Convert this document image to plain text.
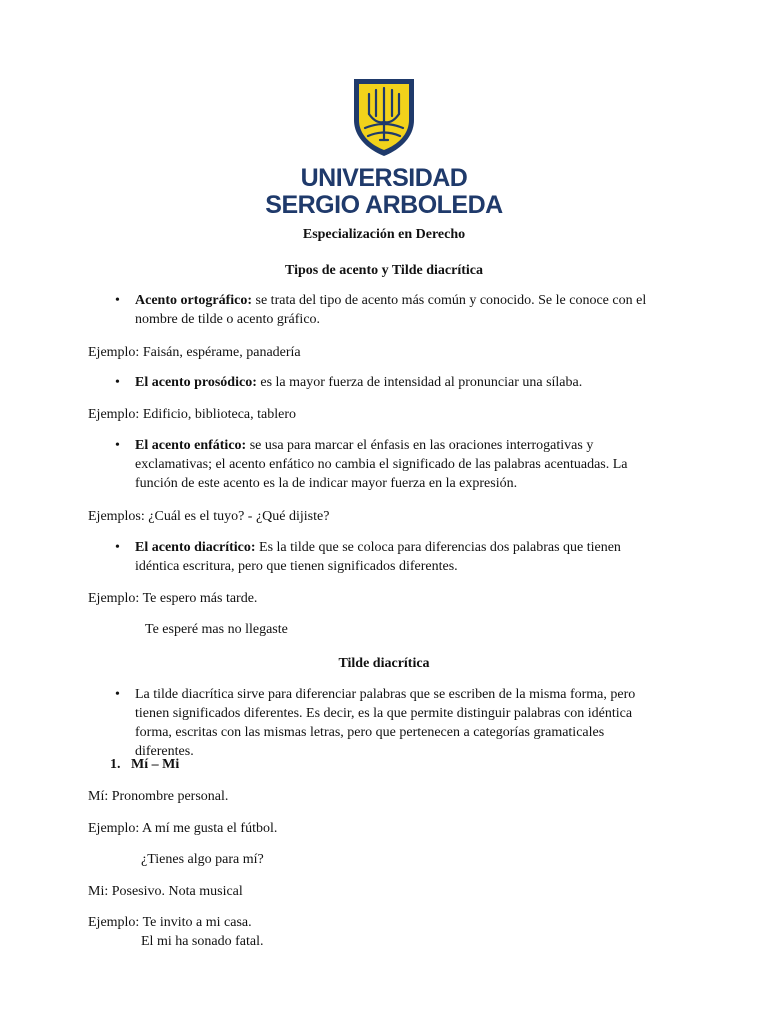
UNIVERSIDAD
SERGIO ARBOLEDA
Especialización en Derecho
Tipos de acento y Tilde diacrítica
• Acento ortográfico: se trata del tipo de acento más común y conocido. Se le conoce con el nombre de tilde o acento gráfico.
Ejemplo: Faisán, espérame, panadería
• El acento prosódico: es la mayor fuerza de intensidad al pronunciar una sílaba.
Ejemplo: Edificio, biblioteca, tablero
• El acento enfático: se usa para marcar el énfasis en las oraciones interrogativas y exclamativas; el acento enfático no cambia el significado de las palabras acentuadas. La función de este acento es la de indicar mayor fuerza en la expresión.
Ejemplos: ¿Cuál es el tuyo? - ¿Qué dijiste?
• El acento diacrítico: Es la tilde que se coloca para diferencias dos palabras que tienen idéntica escritura, pero que tienen significados diferentes.
Ejemplo: Te espero más tarde.
Te esperé mas no llegaste
Tilde diacrítica
• La tilde diacrítica sirve para diferenciar palabras que se escriben de la misma forma, pero tienen significados diferentes. Es decir, es la que permite distinguir palabras con idéntica forma, escritas con las mismas letras, pero que pertenecen a categorías gramaticales diferentes.
1. Mí – Mi
Mí: Pronombre personal.
Ejemplo: A mí me gusta el fútbol.
¿Tienes algo para mí?
Mi: Posesivo. Nota musical
Ejemplo: Te invito a mi casa.
El mi ha sonado fatal.
